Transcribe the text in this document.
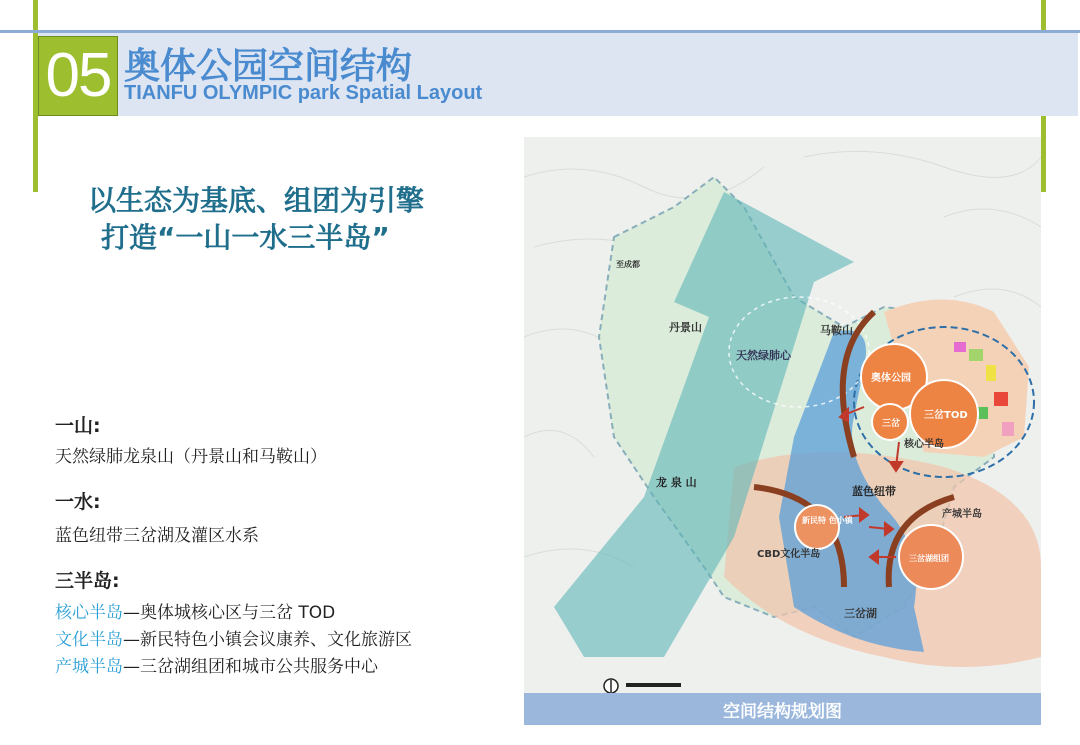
05 奥体公园空间结构
TIANFU OLYMPIC park Spatial Layout
以生态为基底、组团为引擎
打造“一山一水三半岛”
一山:
天然绿肺龙泉山（丹景山和马鞍山）
一水:
蓝色纽带三岔湖及灌区水系
三半岛:
核心半岛—奥体城核心区与三岔 TOD
文化半岛—新民特色小镇会议康养、文化旅游区
产城半岛—三岔湖组团和城市公共服务中心
至成都
丹景山	马鞍山
天然绿肺心
龙 泉 山
蓝色纽带
奥体公园
三岔
三岔TOD
核心半岛
新民特 色小镇
CBD文化半岛
产城半岛
三岔湖组团
三岔湖
空间结构规划图
